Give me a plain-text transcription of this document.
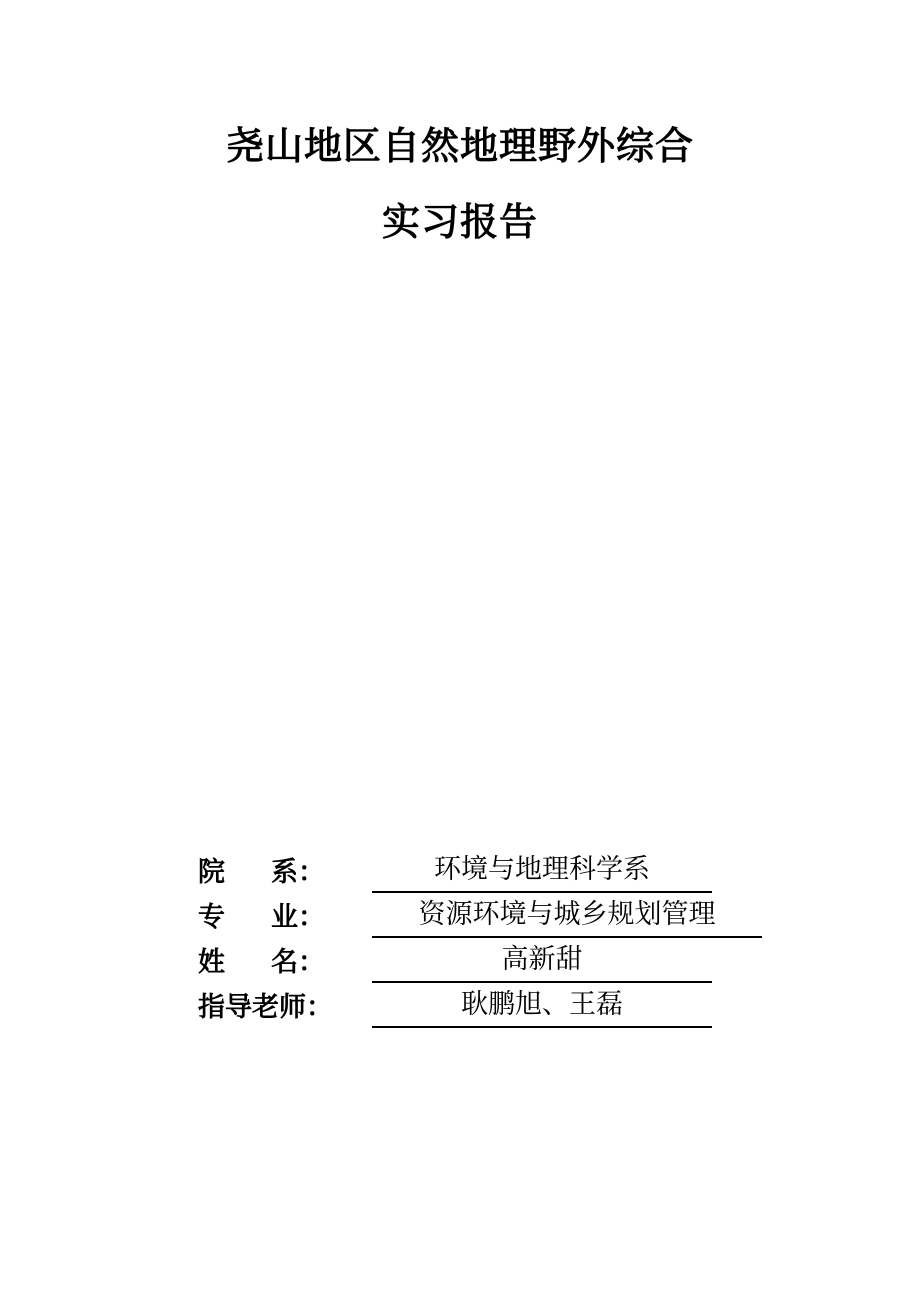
尧山地区自然地理野外综合
实习报告
院 系：	环境与地理科学系
专 业：	资源环境与城乡规划管理
姓 名：	高新甜
指导老师：	耿鹏旭、王磊
